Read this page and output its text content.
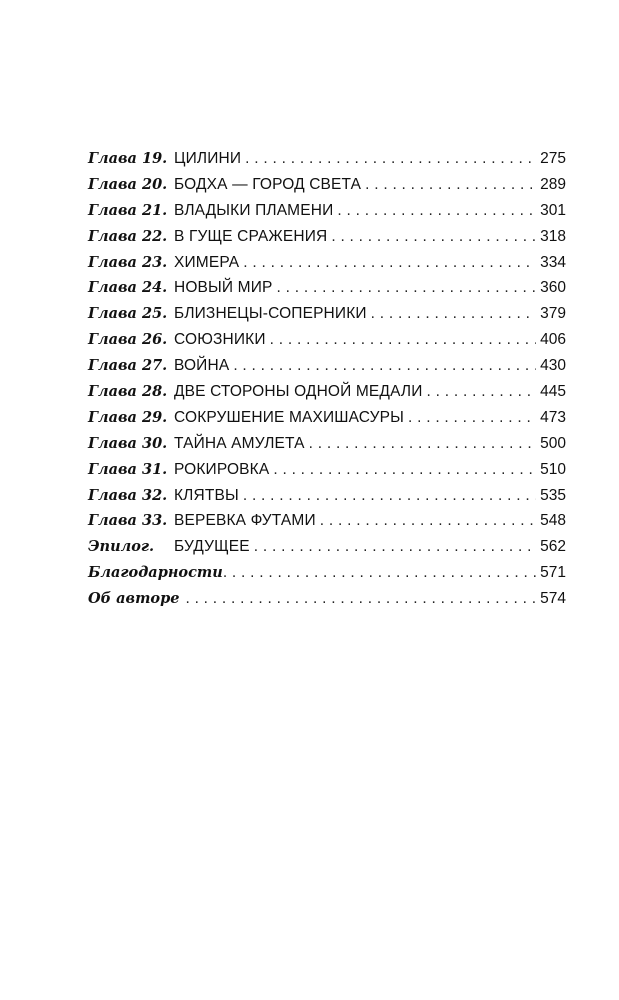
Глава 19. ЦИЛИНИ . . .	275
Глава 20. БОДХА — ГОРОД СВЕТА . . .	289
Глава 21. ВЛАДЫКИ ПЛАМЕНИ . . .	301
Глава 22. В ГУЩЕ СРАЖЕНИЯ . . .	318
Глава 23. ХИМЕРА . . .	334
Глава 24. НОВЫЙ МИР . . .	360
Глава 25. БЛИЗНЕЦЫ-СОПЕРНИКИ . . .	379
Глава 26. СОЮЗНИКИ . . .	406
Глава 27. ВОЙНА . . .	430
Глава 28. ДВЕ СТОРОНЫ ОДНОЙ МЕДАЛИ . . .	445
Глава 29. СОКРУШЕНИЕ МАХИШАСУРЫ . . .	473
Глава 30. ТАЙНА АМУЛЕТА . . .	500
Глава 31. РОКИРОВКА . . .	510
Глава 32. КЛЯТВЫ . . .	535
Глава 33. ВЕРЕВКА ФУТАМИ . . .	548
Эпилог.	БУДУЩЕЕ . . .	562
Благодарности . . .	571
Об авторе . . .	574
